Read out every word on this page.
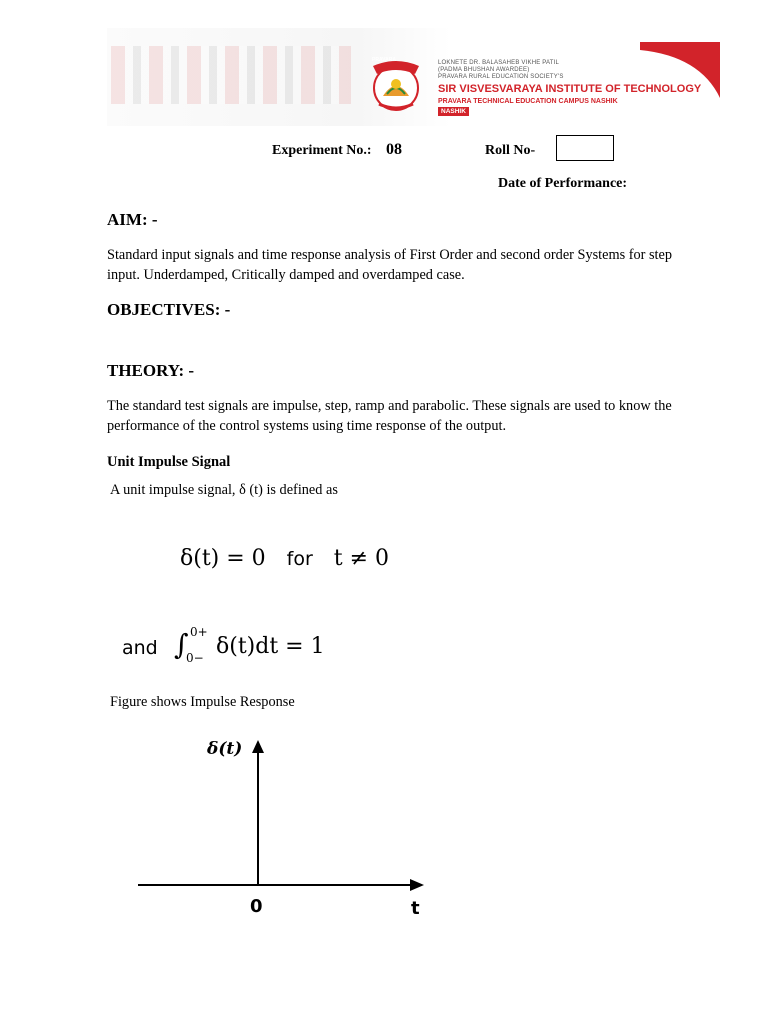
LOKNETE DR. BALASAHEB VIKHE PATIL
(PADMA BHUSHAN AWARDEE)
PRAVARA RURAL EDUCATION SOCIETY'S
SIR VISVESVARAYA INSTITUTE OF TECHNOLOGY
PRAVARA TECHNICAL EDUCATION CAMPUS NASHIK
NASHIK
Experiment No.: 08	Roll No-
Date of Performance:
AIM: -
Standard input signals and time response analysis of First Order and second order Systems for step input. Underdamped, Critically damped and overdamped case.
OBJECTIVES: -
THEORY: -
The standard test signals are impulse, step, ramp and parabolic. These signals are used to know the performance of the control systems using time response of the output.
Unit Impulse Signal
A unit impulse signal, δ (t) is defined as
δ(t) = 0 for t ≠ 0
and ∫ 0+
0− δ(t)dt = 1
Figure shows Impulse Response
δ(t)
0	t
PRAVARA
